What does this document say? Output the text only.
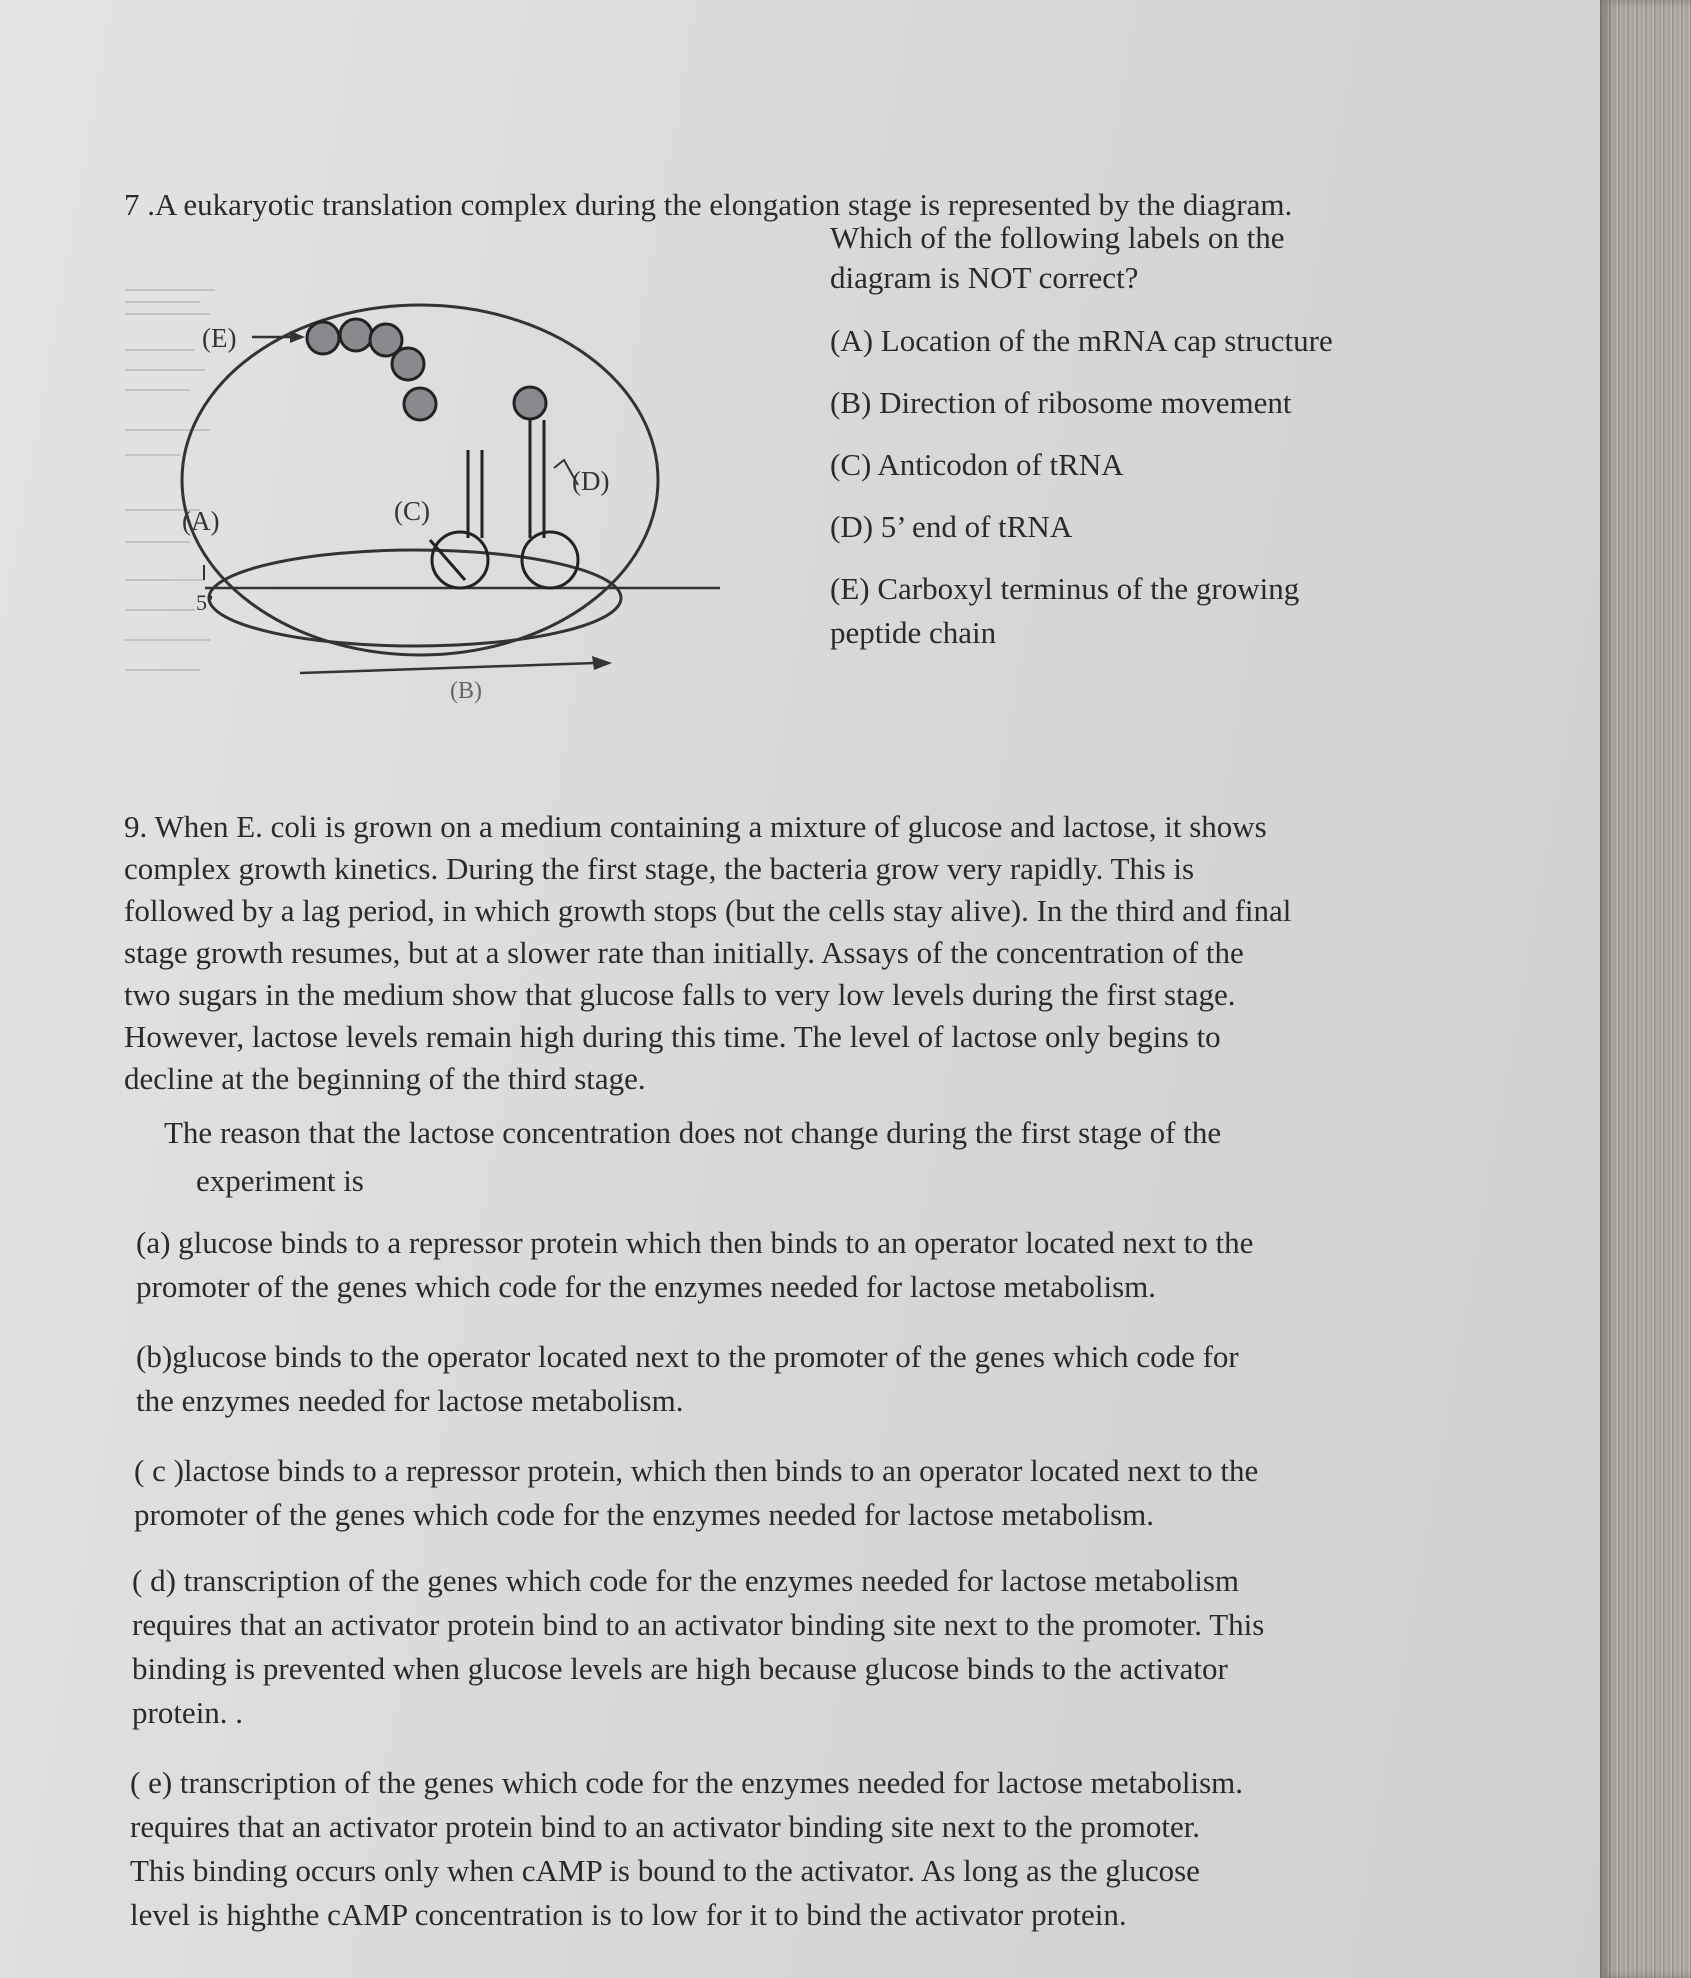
7 .A eukaryotic translation complex during the elongation stage is represented by the diagram.

Which of the following labels on the

diagram is NOT correct?

(A) Location of the mRNA cap structure

(B) Direction of ribosome movement

(C) Anticodon of tRNA

(D) 5’ end of tRNA

(E) Carboxyl terminus of the growing

peptide chain

(E)
(A)
5’
(C)
(D)
(B)

9. When E. coli is grown on a medium containing a mixture of glucose and lactose, it shows

complex growth kinetics. During the first stage, the bacteria grow very rapidly. This is

followed by a lag period, in which growth stops (but the cells stay alive). In the third and final

stage growth resumes, but at a slower rate than initially. Assays of the concentration of the

two sugars in the medium show that glucose falls to very low levels during the first stage.

However, lactose levels remain high during this time. The level of lactose only begins to

decline at the beginning of the third stage.

The reason that the lactose concentration does not change during the first stage of the

experiment is

(a) glucose binds to a repressor protein which then binds to an operator located next to the

promoter of the genes which code for the enzymes needed for lactose metabolism.

(b)glucose binds to the operator located next to the promoter of the genes which code for

the enzymes needed for lactose metabolism.

( c )lactose binds to a repressor protein, which then binds to an operator located next to the

promoter of the genes which code for the enzymes needed for lactose metabolism.

( d) transcription of the genes which code for the enzymes needed for lactose metabolism

requires that an activator protein bind to an activator binding site next to the promoter. This

binding is prevented when glucose levels are high because glucose binds to the activator

protein. .

( e) transcription of the genes which code for the enzymes needed for lactose metabolism.

requires that an activator protein bind to an activator binding site next to the promoter.

This binding occurs only when cAMP is bound to the activator. As long as the glucose

level is highthe cAMP concentration is to low for it to bind the activator protein.
